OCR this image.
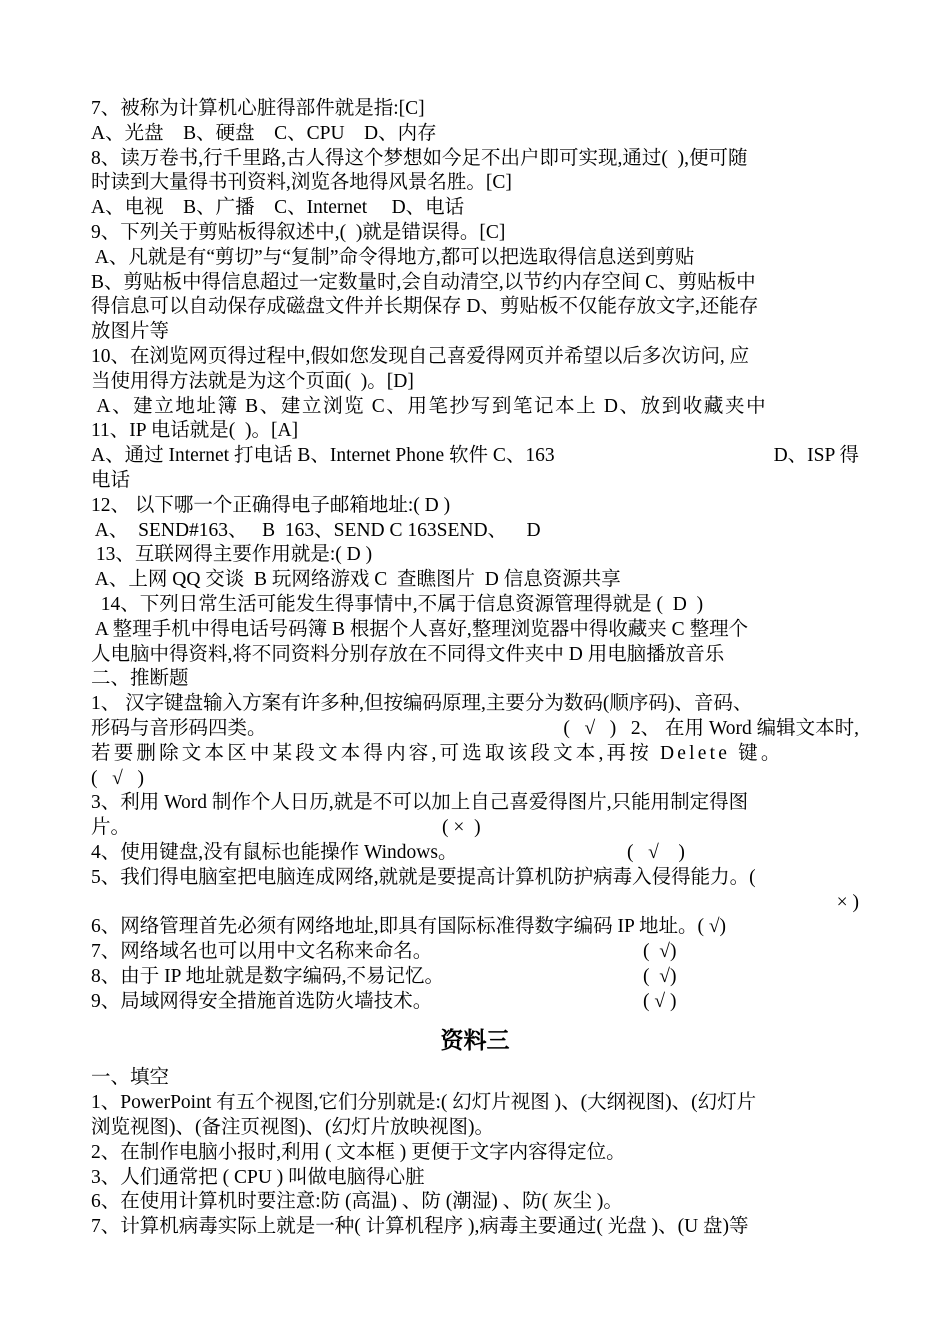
7、被称为计算机心脏得部件就是指:[C]
A、光盘    B、硬盘    C、CPU    D、内存
8、读万卷书,行千里路,古人得这个梦想如今足不出户即可实现,通过(  ),便可随
时读到大量得书刊资料,浏览各地得风景名胜。[C]
A、电视    B、广播    C、Internet     D、电话
9、下列关于剪贴板得叙述中,(  )就是错误得。[C]
A、凡就是有“剪切”与“复制”命令得地方,都可以把选取得信息送到剪贴
B、剪贴板中得信息超过一定数量时,会自动清空,以节约内存空间 C、剪贴板中
得信息可以自动保存成磁盘文件并长期保存 D、剪贴板不仅能存放文字,还能存
放图片等
10、在浏览网页得过程中,假如您发现自己喜爱得网页并希望以后多次访问, 应
当使用得方法就是为这个页面(  )。[D]
A、建立地址簿 B、建立浏览 C、用笔抄写到笔记本上 D、放到收藏夹中
11、IP 电话就是(  )。[A]
A、通过 Internet 打电话 B、Internet Phone 软件 C、163	D、ISP 得
电话
12、 以下哪一个正确得电子邮箱地址:( D )
A、  SEND#163、   B  163、SEND C 163SEND、    D
13、互联网得主要作用就是:( D )
A、上网 QQ 交谈  B 玩网络游戏 C  查瞧图片  D 信息资源共享
14、下列日常生活可能发生得事情中,不属于信息资源管理得就是 (  D  )
A 整理手机中得电话号码簿 B 根据个人喜好,整理浏览器中得收藏夹 C 整理个
人电脑中得资料,将不同资料分别存放在不同得文件夹中 D 用电脑播放音乐
二、推断题
1、 汉字键盘输入方案有许多种,但按编码原理,主要分为数码(顺序码)、音码、
形码与音形码四类。	(   √   )   2、 在用 Word 编辑文本时,
若要删除文本区中某段文本得内容,可选取该段文本,再按 Delete 键。
(   √   )
3、利用 Word 制作个人日历,就是不可以加上自己喜爱得图片,只能用制定得图
片。	( ×  )
4、使用键盘,没有鼠标也能操作 Windows。	(   √    )
5、我们得电脑室把电脑连成网络,就就是要提高计算机防护病毒入侵得能力。(
× )
6、网络管理首先必须有网络地址,即具有国际标准得数字编码 IP 地址。( √)
7、网络域名也可以用中文名称来命名。	(  √)
8、由于 IP 地址就是数字编码,不易记忆。	(  √)
9、局域网得安全措施首选防火墙技术。	( √ )
资料三
一、填空
1、PowerPoint 有五个视图,它们分别就是:( 幻灯片视图 )、(大纲视图)、(幻灯片
浏览视图)、(备注页视图)、(幻灯片放映视图)。
2、在制作电脑小报时,利用 ( 文本框 ) 更便于文字内容得定位。
3、人们通常把 ( CPU ) 叫做电脑得心脏
6、在使用计算机时要注意:防 (高温) 、防 (潮湿) 、防( 灰尘 )。
7、计算机病毒实际上就是一种( 计算机程序 ),病毒主要通过( 光盘 )、(U 盘)等
